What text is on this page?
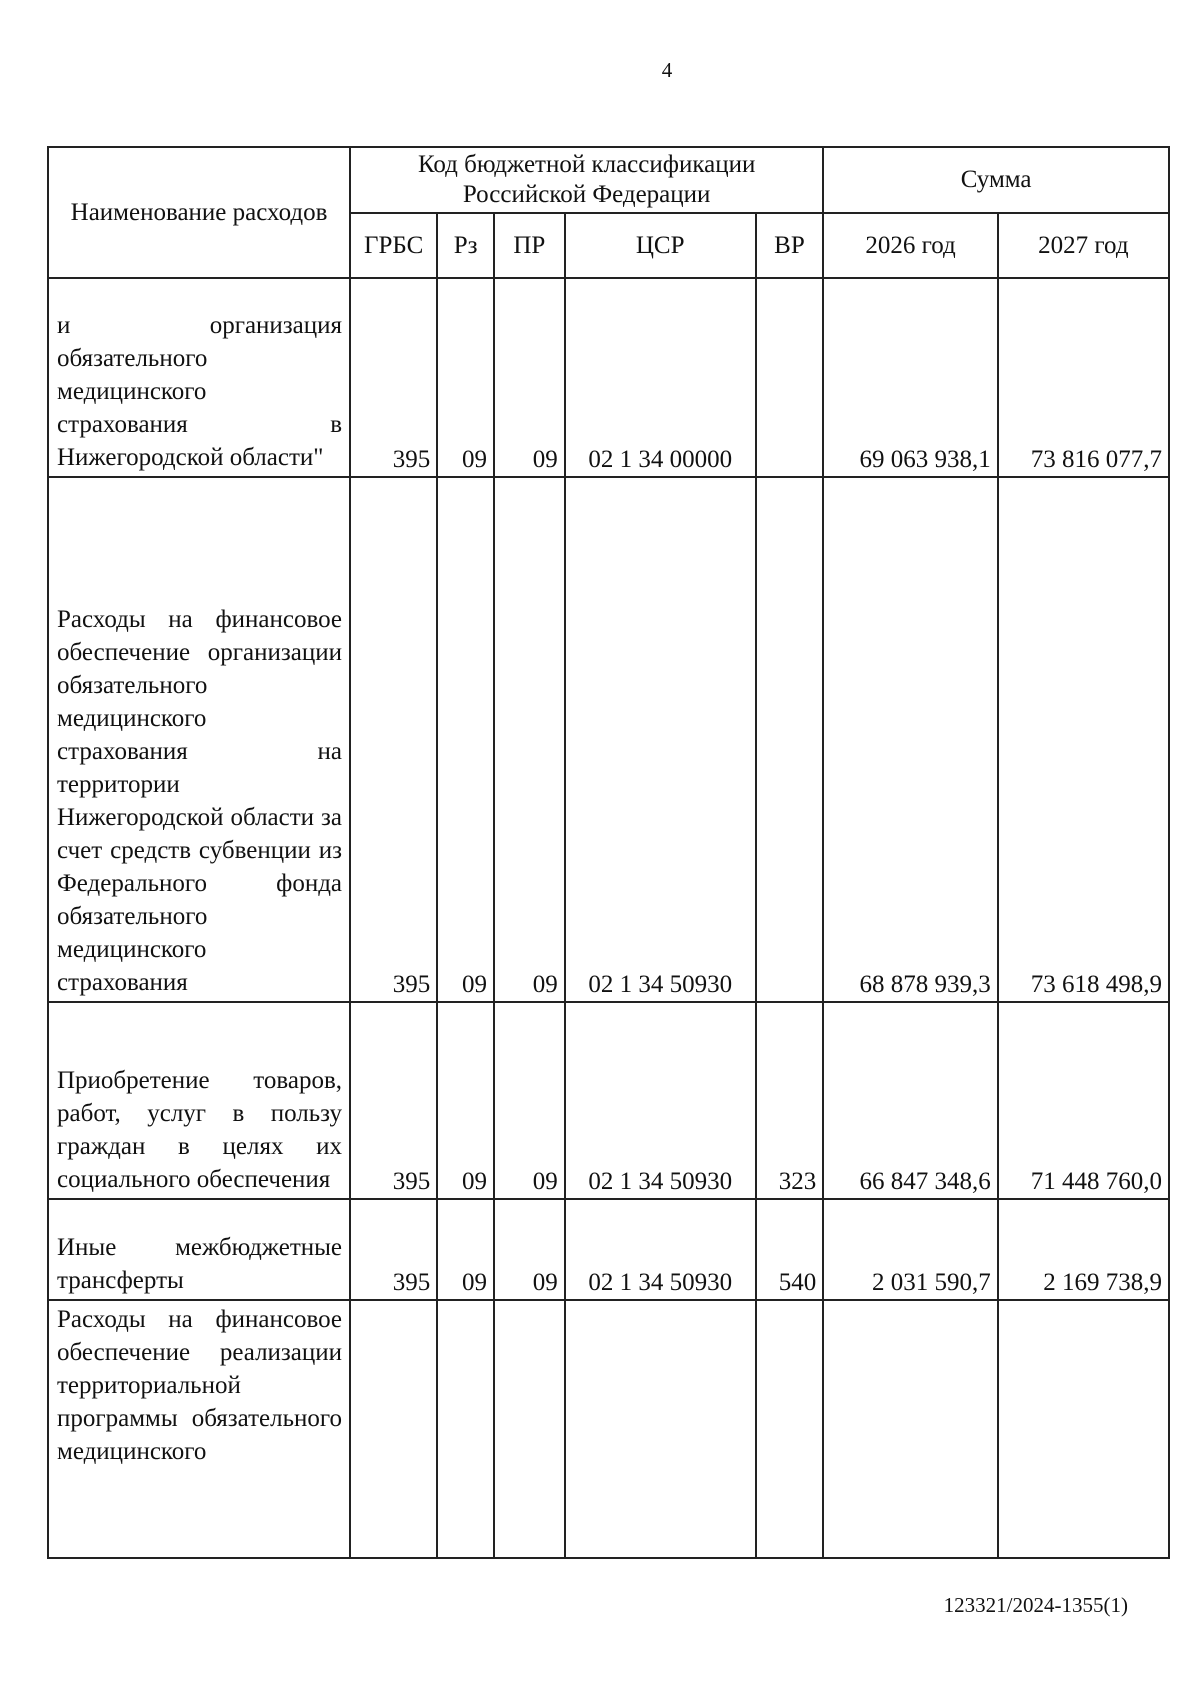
4
Наименование расходов	Код бюджетной классификации Российской Федерации					Сумма	
	ГРБС	Рз	ПР	ЦСР	ВР	2026 год	2027 год
и организация обязательного медицинского страхования в Нижегородской области"	395	09	09	02 1 34 00000		69 063 938,1	73 816 077,7
Расходы на финансовое обеспечение организации обязательного медицинского страхования на территории Нижегородской области за счет средств субвенции из Федерального фонда обязательного медицинского страхования	395	09	09	02 1 34 50930		68 878 939,3	73 618 498,9
Приобретение товаров, работ, услуг в пользу граждан в целях их социального обеспечения	395	09	09	02 1 34 50930	323	66 847 348,6	71 448 760,0
Иные межбюджетные трансферты	395	09	09	02 1 34 50930	540	2 031 590,7	2 169 738,9
Расходы на финансовое обеспечение реализации территориальной программы обязательного медицинского							
123321/2024-1355(1)
